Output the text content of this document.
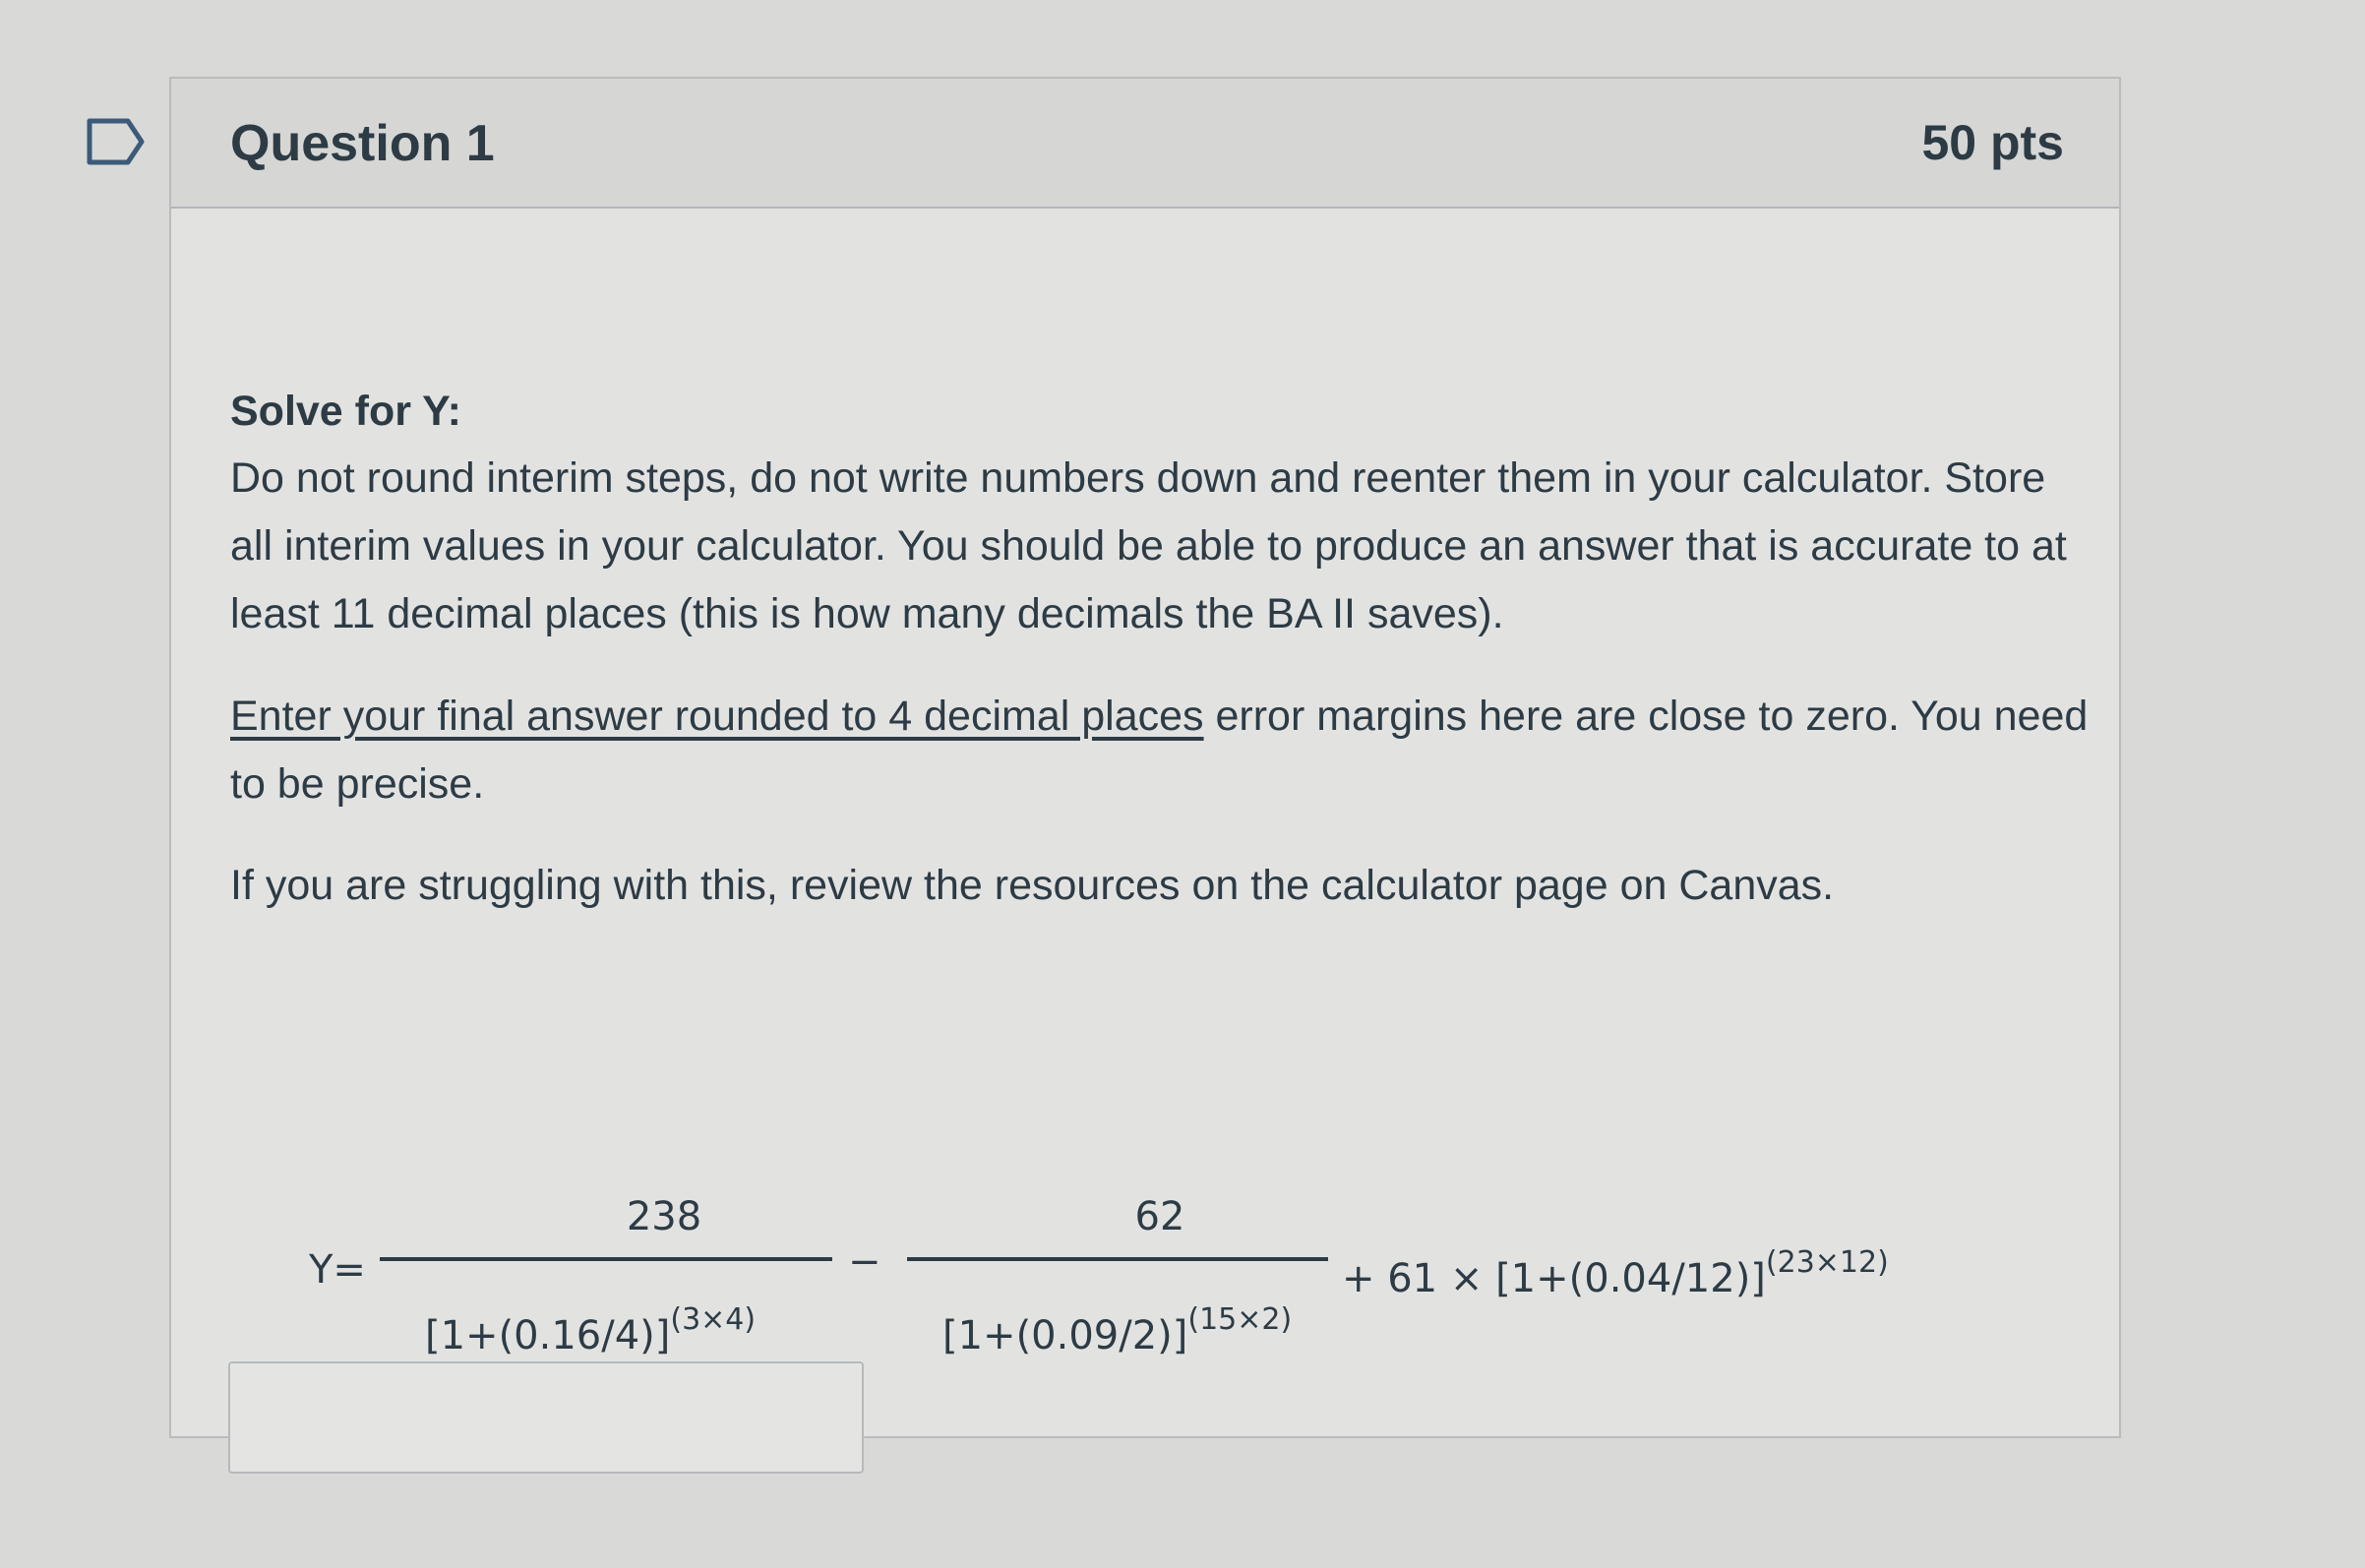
Question 1	50 pts

Solve for Y:

Do not round interim steps, do not write numbers down and reenter them in your calculator. Store all interim values in your calculator. You should be able to produce an answer that is accurate to at least 11 decimal places (this is how many decimals the BA II saves).

Enter your final answer rounded to 4 decimal places error margins here are close to zero. You need to be precise.

If you are struggling with this, review the resources on the calculator page on Canvas.

Y=
238
$[1+(0.16/4)]^{(3\times 4)}$
−
62
$[1+(0.09/2)]^{(15\times 2)}$
+ $61 \times [1+(0.04/12)]^{(23\times 12)}$
